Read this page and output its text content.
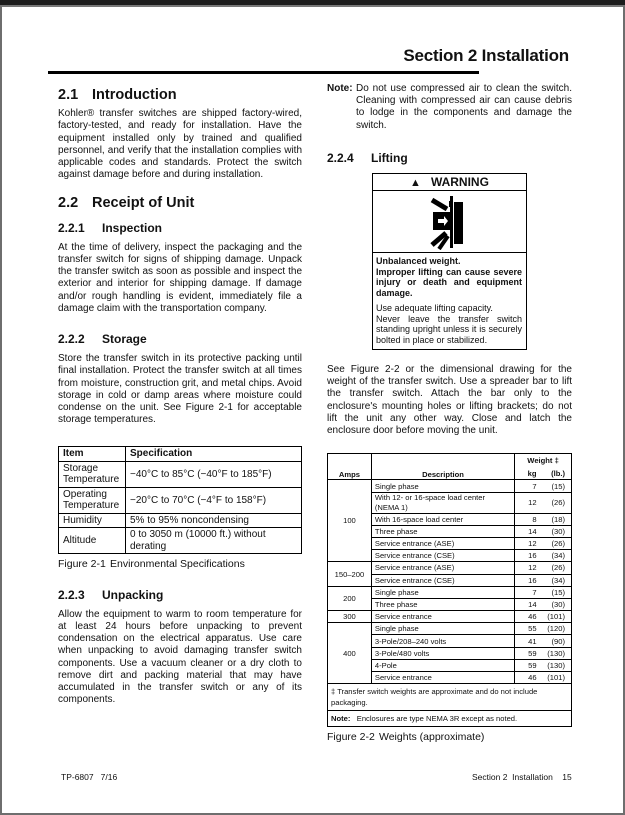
Section 2 Installation
2.1 Introduction

Kohler® transfer switches are shipped factory-wired, factory-tested, and ready for installation. Have the equipment installed only by trained and qualified personnel, and verify that the installation complies with applicable codes and standards. Protect the switch against damage before and during installation.

2.2 Receipt of Unit
2.2.1 Inspection

At the time of delivery, inspect the packaging and the transfer switch for signs of shipping damage. Unpack the transfer switch as soon as possible and inspect the exterior and interior for shipping damage. If damage and/or rough handling is evident, immediately file a damage claim with the transportation company.

2.2.2 Storage

Store the transfer switch in its protective packing until final installation. Protect the transfer switch at all times from moisture, construction grit, and metal chips. Avoid storage in cold or damp areas where moisture could condense on the unit. See Figure 2-1 for acceptable storage temperatures.

Item	Specification
Storage Temperature	−40°C to 85°C (−40°F to 185°F)
Operating Temperature	−20°C to 70°C (−4°F to 158°F)
Humidity	5% to 95% noncondensing
Altitude	0 to 3050 m (10000 ft.) without derating
Figure 2-1 Environmental Specifications
2.2.3 Unpacking

Allow the equipment to warm to room temperature for at least 24 hours before unpacking to prevent condensation on the electrical apparatus. Use care when unpacking to avoid damaging transfer switch components. Use a vacuum cleaner or a dry cloth to remove dirt and packing material that may have accumulated in the transfer switch or any of its components.

Note: Do not use compressed air to clean the switch. Cleaning with compressed air can cause debris to lodge in the components and damage the switch.
2.2.4 Lifting
▲ WARNING
Unbalanced weight.
Improper lifting can cause severe injury or death and equipment damage.
Use adequate lifting capacity.
Never leave the transfer switch standing upright unless it is securely bolted in place or stabilized.

See Figure 2-2 or the dimensional drawing for the weight of the transfer switch. Use a spreader bar to lift the transfer switch. Attach the bar only to the enclosure's mounting holes or lifting brackets; do not lift the unit any other way. Close and latch the enclosure door before moving the unit.

Amps	Description	Weight ‡	
		kg	(lb.)
100	Single phase	7	(15)
	With 12- or 16-space load center (NEMA 1)	12	(26)
	With 16-space load center	8	(18)
	Three phase	14	(30)
	Service entrance (ASE)	12	(26)
	Service entrance (CSE)	16	(34)
150–200	Service entrance (ASE)	12	(26)
	Service entrance (CSE)	16	(34)
200	Single phase	7	(15)
	Three phase	14	(30)
300	Service entrance	46	(101)
400	Single phase	55	(120)
	3-Pole/208–240 volts	41	(90)
	3-Pole/480 volts	59	(130)
	4-Pole	59	(130)
	Service entrance	46	(101)
‡ Transfer switch weights are approximate and do not include packaging.			
Note: Enclosures are type NEMA 3R except as noted.			
Figure 2-2 Weights (approximate)
TP-6807   7/16	Section 2  Installation    15
